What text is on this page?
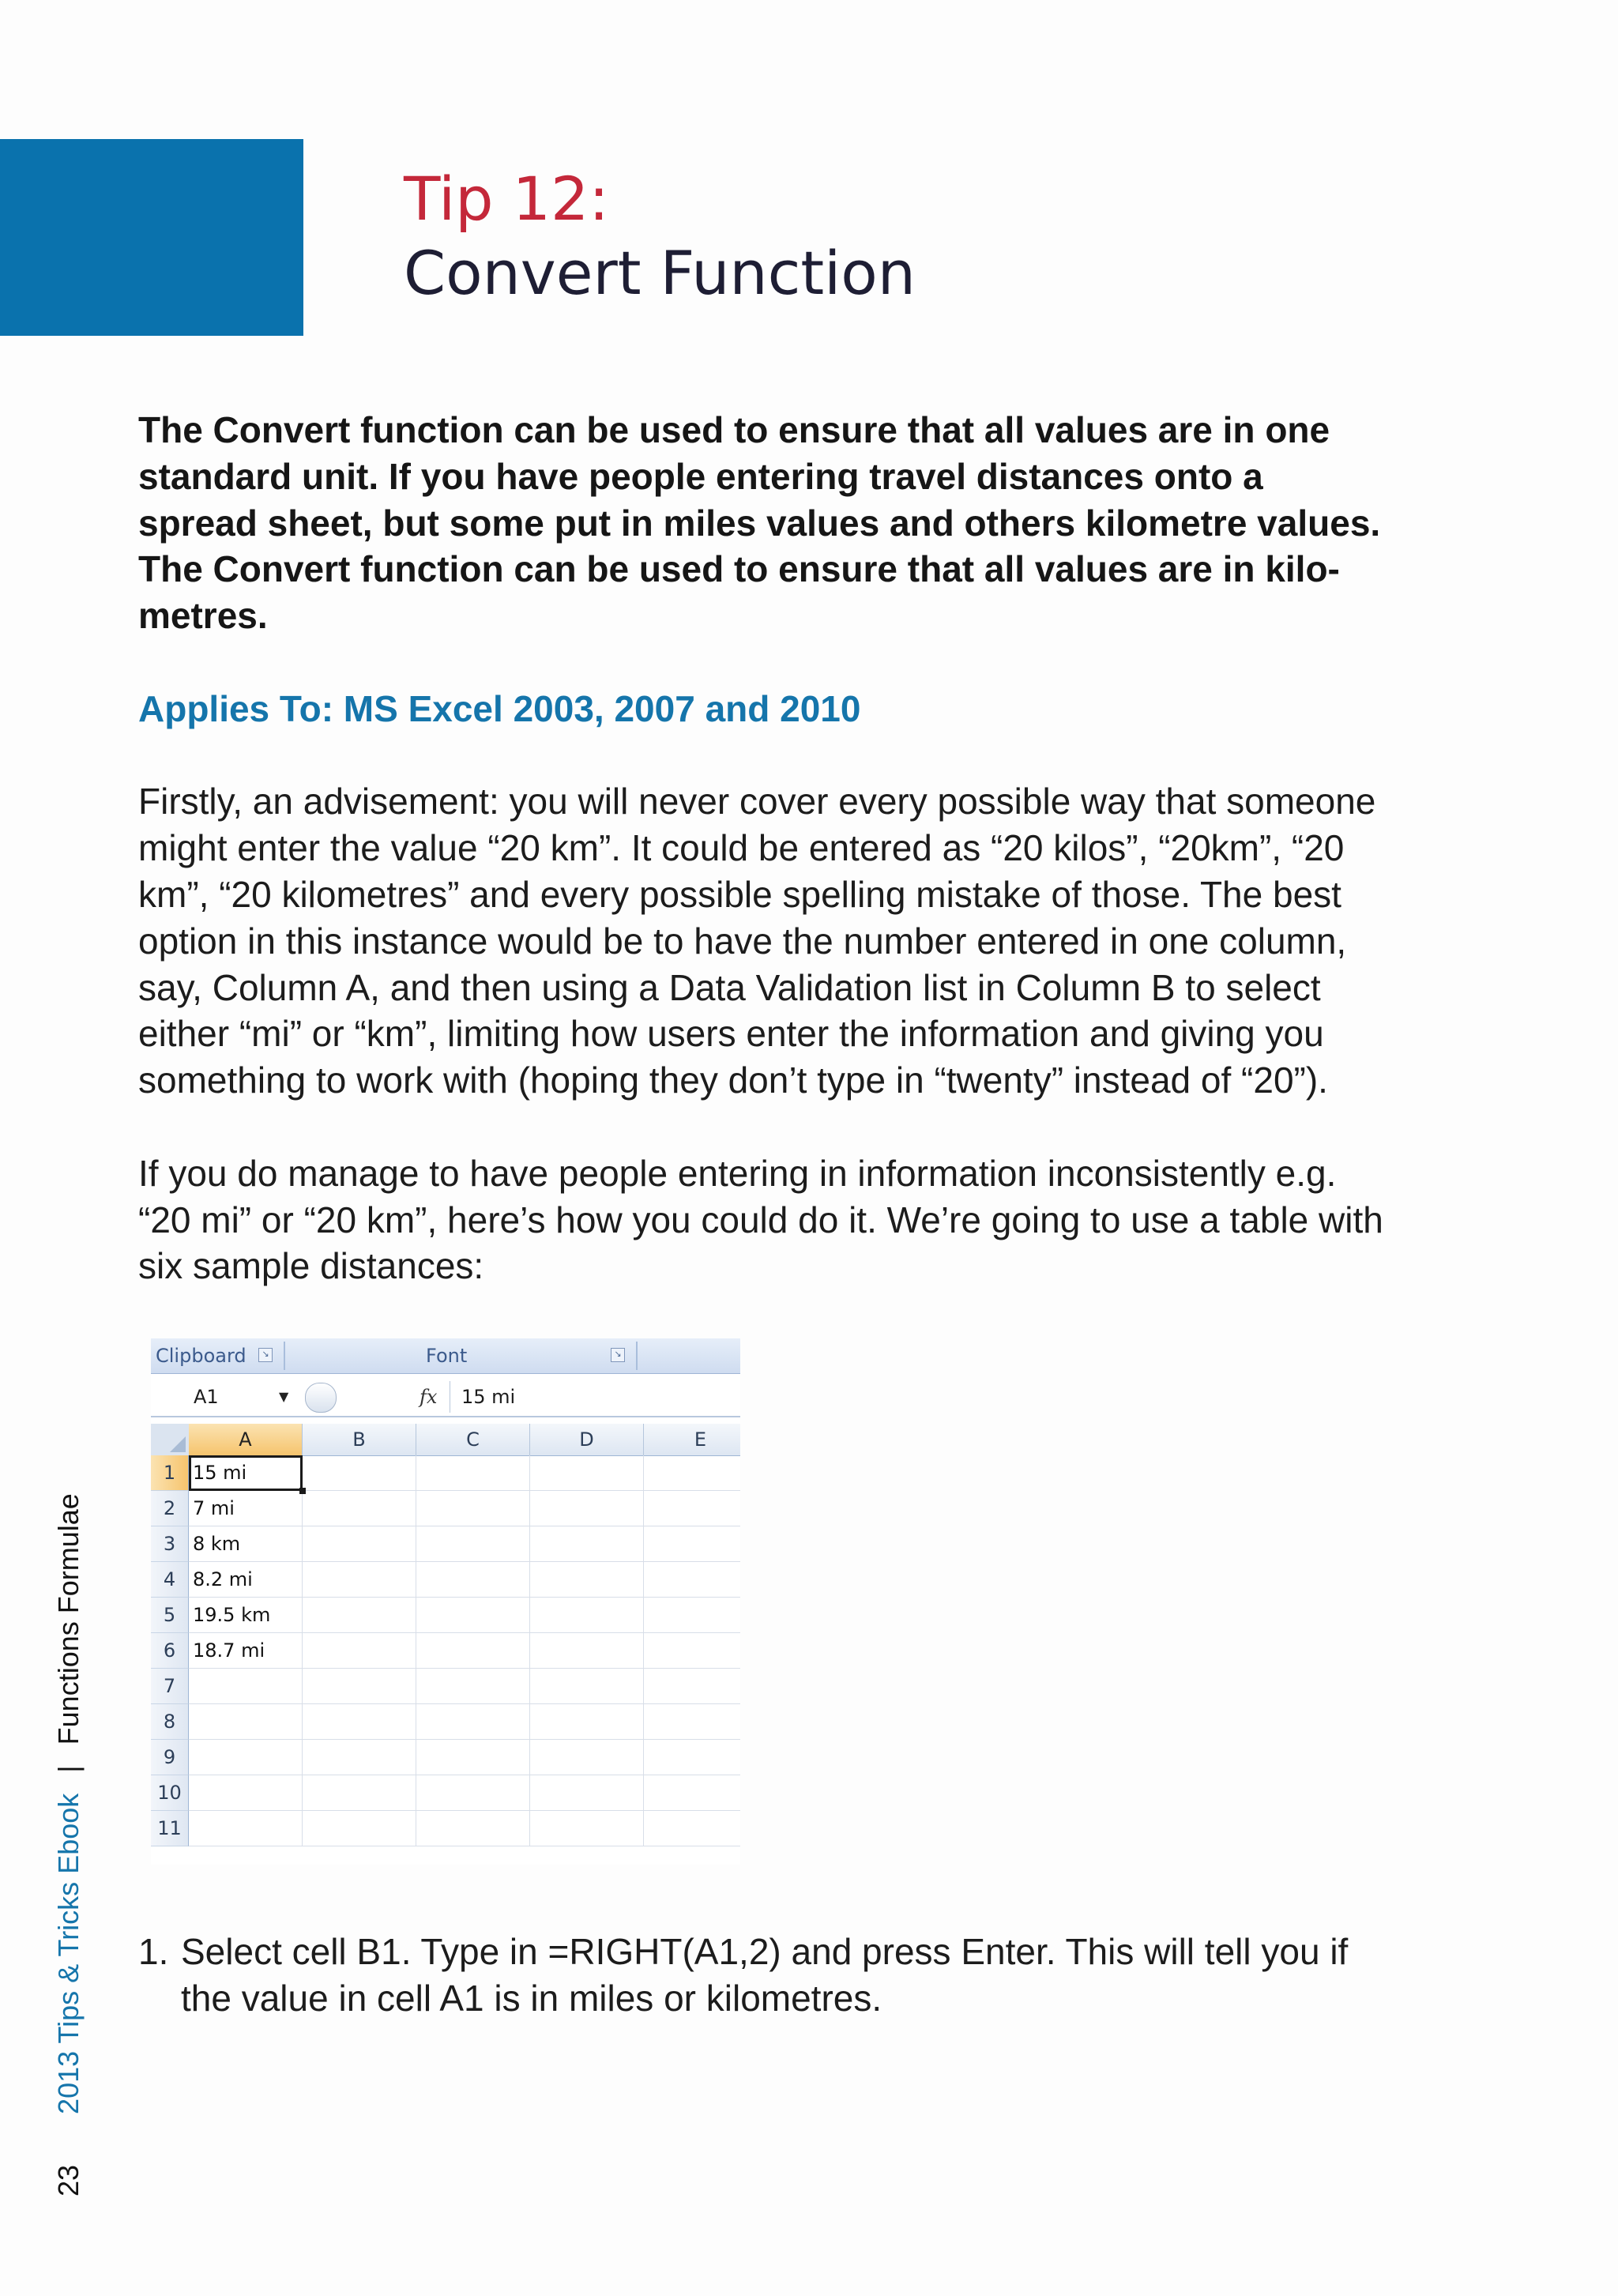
Tip 12:
Convert Function

The Convert function can be used to ensure that all values are in one
standard unit. If you have people entering travel distances onto a
spread sheet, but some put in miles values and others kilometre values.
The Convert function can be used to ensure that all values are in kilo-
metres.

Applies To: MS Excel 2003, 2007 and 2010

Firstly, an advisement: you will never cover every possible way that someone
might enter the value “20 km”. It could be entered as “20 kilos”, “20km”, “20
km”, “20 kilometres” and every possible spelling mistake of those. The best
option in this instance would be to have the number entered in one column,
say, Column A, and then using a Data Validation list in Column B to select
either “mi” or “km”, limiting how users enter the information and giving you
something to work with (hoping they don’t type in “twenty” instead of “20”).

If you do manage to have people entering in information inconsistently e.g.
“20 mi” or “20 km”, here’s how you could do it. We’re going to use a table with
six sample distances:

Clipboard	↘	Font	↘
A1	▼	fx	15 mi
A	B	C	D	E
1 15 mi
2 7 mi
3 8 km
4 8.2 mi
5 19.5 km
6 18.7 mi
7
8
9
10
11
1. Select cell B1. Type in =RIGHT(A1,2) and press Enter. This will tell you if
the value in cell A1 is in miles or kilometres.
23 2013 Tips & Tricks Ebook | Functions Formulae
